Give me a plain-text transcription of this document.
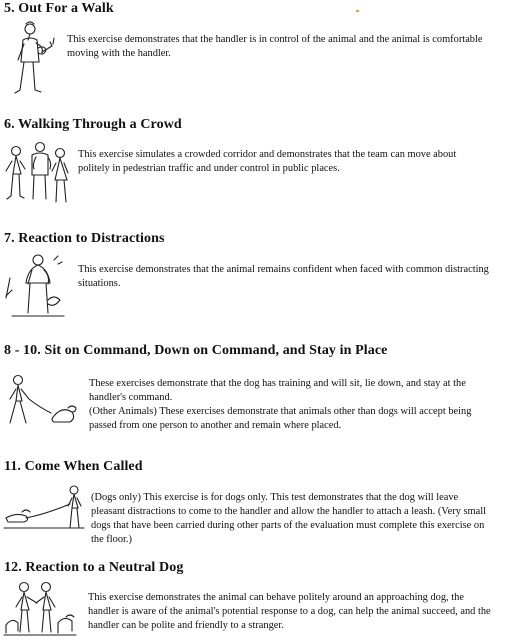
5. Out For a Walk
This exercise demonstrates that the handler is in control of the animal and the animal is comfortable
moving with the handler.
6. Walking Through a Crowd
This exercise simulates a crowded corridor and demonstrates that the team can move about
politely in pedestrian traffic and under control in public places.
7. Reaction to Distractions
This exercise demonstrates that the animal remains confident when faced with common distracting
situations.
8 - 10. Sit on Command, Down on Command, and Stay in Place
These exercises demonstrate that the dog has training and will sit, lie down, and stay at the
handler's command.
(Other Animals) These exercises demonstrate that animals other than dogs will accept being
passed from one person to another and remain where placed.
11. Come When Called
(Dogs only) This exercise is for dogs only. This test demonstrates that the dog will leave
pleasant distractions to come to the handler and allow the handler to attach a leash. (Very small
dogs that have been carried during other parts of the evaluation must complete this exercise on
the floor.)
12. Reaction to a Neutral Dog
This exercise demonstrates the animal can behave politely around an approaching dog, the
handler is aware of the animal's potential response to a dog, can help the animal succeed, and the
handler can be polite and friendly to a stranger.
